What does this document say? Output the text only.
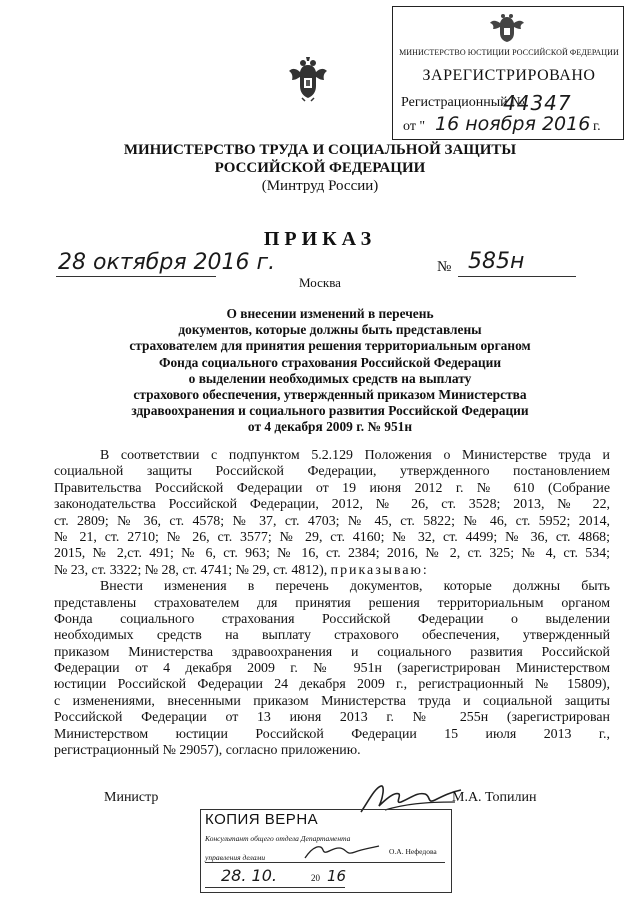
МИНИСТЕРСТВО ЮСТИЦИИ РОССИЙСКОЙ ФЕДЕРАЦИИ
ЗАРЕГИСТРИРОВАНО
Регистрационный №
44347
от " 16 ноября 2016 г.
МИНИСТЕРСТВО ТРУДА И СОЦИАЛЬНОЙ ЗАЩИТЫ
РОССИЙСКОЙ ФЕДЕРАЦИИ
(Минтруд России)
ПРИКАЗ
28 октября 2016 г.
Москва
№ 585н
О внесении изменений в перечень
документов, которые должны быть представлены
страхователем для принятия решения территориальным органом
Фонда социального страхования Российской Федерации
о выделении необходимых средств на выплату
страхового обеспечения, утвержденный приказом Министерства
здравоохранения и социального развития Российской Федерации
от 4 декабря 2009 г. № 951н
В соответствии с подпунктом 5.2.129 Положения о Министерстве труда и
социальной защиты Российской Федерации, утвержденного постановлением
Правительства Российской Федерации от 19 июня 2012 г. № 610 (Собрание
законодательства Российской Федерации, 2012, № 26, ст. 3528; 2013, № 22,
ст. 2809; № 36, ст. 4578; № 37, ст. 4703; № 45, ст. 5822; № 46, ст. 5952; 2014,
№ 21, ст. 2710; № 26, ст. 3577; № 29, ст. 4160; № 32, ст. 4499; № 36, ст. 4868;
2015, № 2,ст. 491; № 6, ст. 963; № 16, ст. 2384; 2016, № 2, ст. 325; № 4, ст. 534;
№ 23, ст. 3322; № 28, ст. 4741; № 29, ст. 4812), приказываю:
Внести изменения в перечень документов, которые должны быть
представлены страхователем для принятия решения территориальным органом
Фонда социального страхования Российской Федерации о выделении
необходимых средств на выплату страхового обеспечения, утвержденный
приказом Министерства здравоохранения и социального развития Российской
Федерации от 4 декабря 2009 г. № 951н (зарегистрирован Министерством
юстиции Российской Федерации 24 декабря 2009 г., регистрационный № 15809),
с изменениями, внесенными приказом Министерства труда и социальной защиты
Российской Федерации от 13 июня 2013 г. № 255н (зарегистрирован
Министерством юстиции Российской Федерации 15 июля 2013 г.,
регистрационный № 29057), согласно приложению.
Министр	М.А. Топилин
КОПИЯ ВЕРНА
Консультант общего отдела Департамента
управления делами
О.А. Нефедова
28. 10.	20 16
